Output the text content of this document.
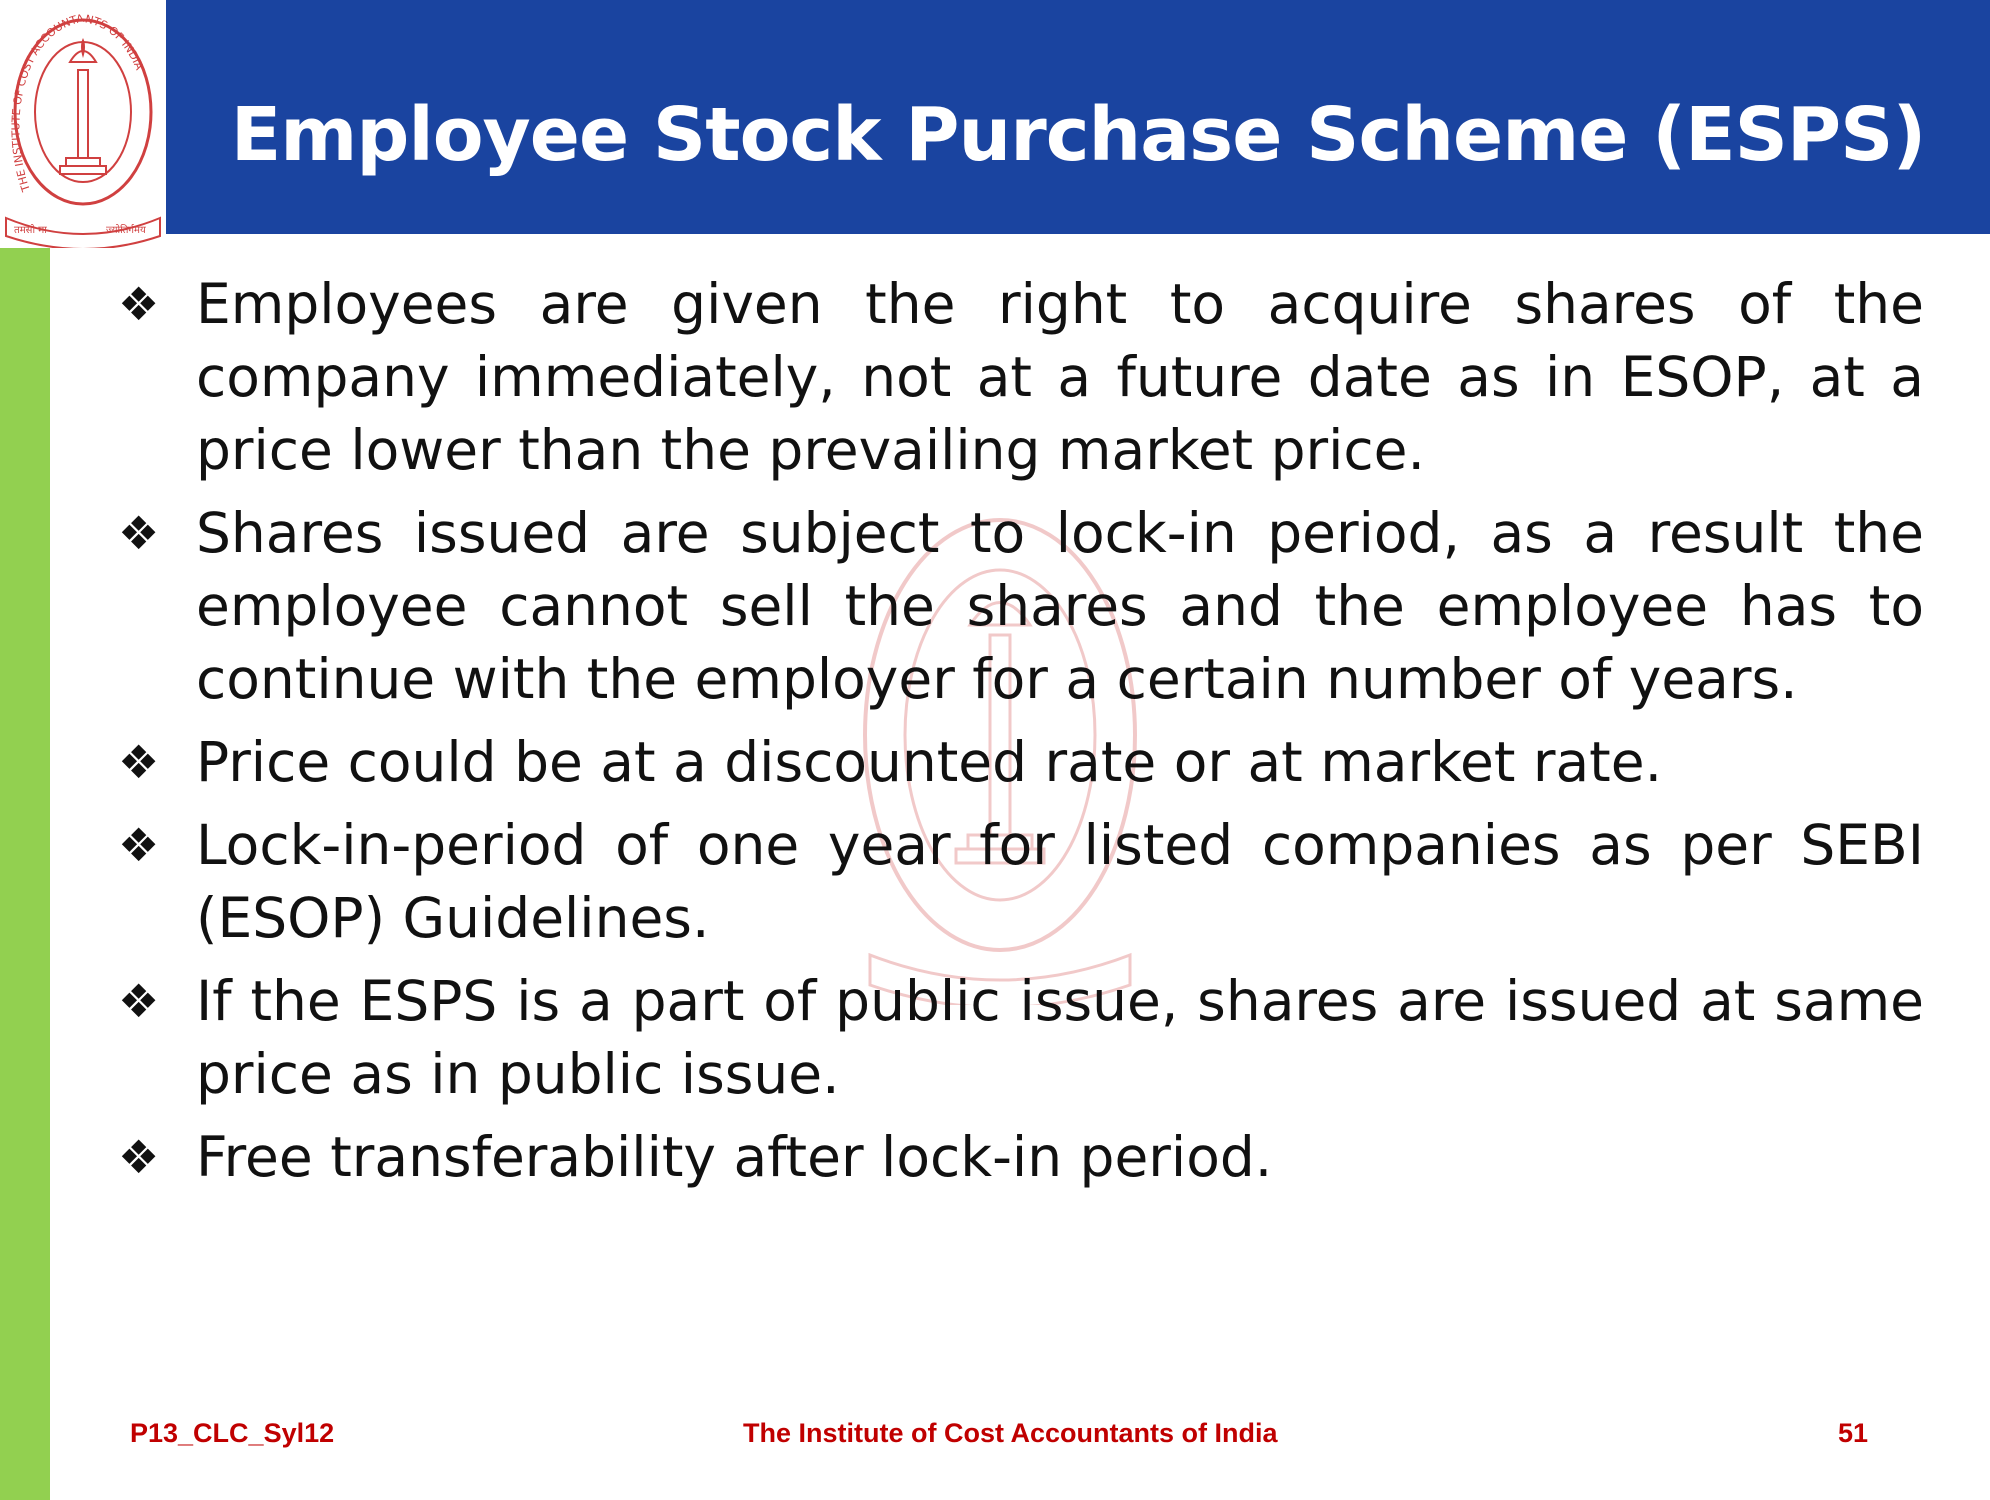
THE INSTITUTE OF COST ACCOUNTANTS OF INDIA
तमसो मा	ज्योतिर्गमय
Employee Stock Purchase Scheme (ESPS)
❖ Employees are given the right to acquire shares of the company immediately, not at a future date as in ESOP, at a price lower than the prevailing market price.
❖ Shares issued are subject to lock-in period, as a result the employee cannot sell the shares and the employee has to continue with the employer for a certain number of years.
❖ Price could be at a discounted rate or at market rate.
❖ Lock-in-period of one year for listed companies as per SEBI (ESOP) Guidelines.
❖ If the ESPS is a part of public issue, shares are issued at same price as in public issue.
❖ Free transferability after lock-in period.
P13_CLC_Syl12	The Institute of Cost Accountants of India	51
